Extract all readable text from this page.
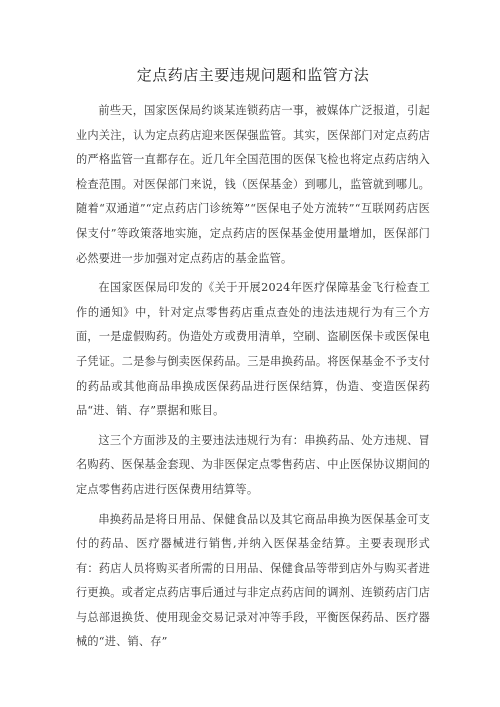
定点药店主要违规问题和监管方法

前些天，国家医保局约谈某连锁药店一事，被媒体广泛报道，引起业内关注，认为定点药店迎来医保强监管。其实，医保部门对定点药店的严格监管一直都存在。近几年全国范围的医保飞检也将定点药店纳入检查范围。对医保部门来说，钱（医保基金）到哪儿，监管就到哪儿。随着“双通道”“定点药店门诊统筹”“医保电子处方流转”“互联网药店医保支付”等政策落地实施，定点药店的医保基金使用量增加，医保部门必然要进一步加强对定点药店的基金监管。

在国家医保局印发的《关于开展2024年医疗保障基金飞行检查工作的通知》中，针对定点零售药店重点查处的违法违规行为有三个方面，一是虚假购药。伪造处方或费用清单，空刷、盗刷医保卡或医保电子凭证。二是参与倒卖医保药品。三是串换药品。将医保基金不予支付的药品或其他商品串换成医保药品进行医保结算，伪造、变造医保药品“进、销、存”票据和账目。

这三个方面涉及的主要违法违规行为有：串换药品、处方违规、冒名购药、医保基金套现、为非医保定点零售药店、中止医保协议期间的定点零售药店进行医保费用结算等。

串换药品是将日用品、保健食品以及其它商品串换为医保基金可支付的药品、医疗器械进行销售,并纳入医保基金结算。主要表现形式有：药店人员将购买者所需的日用品、保健食品等带到店外与购买者进行更换。或者定点药店事后通过与非定点药店间的调剂、连锁药店门店与总部退换货、使用现金交易记录对冲等手段，平衡医保药品、医疗器械的“进、销、存”
